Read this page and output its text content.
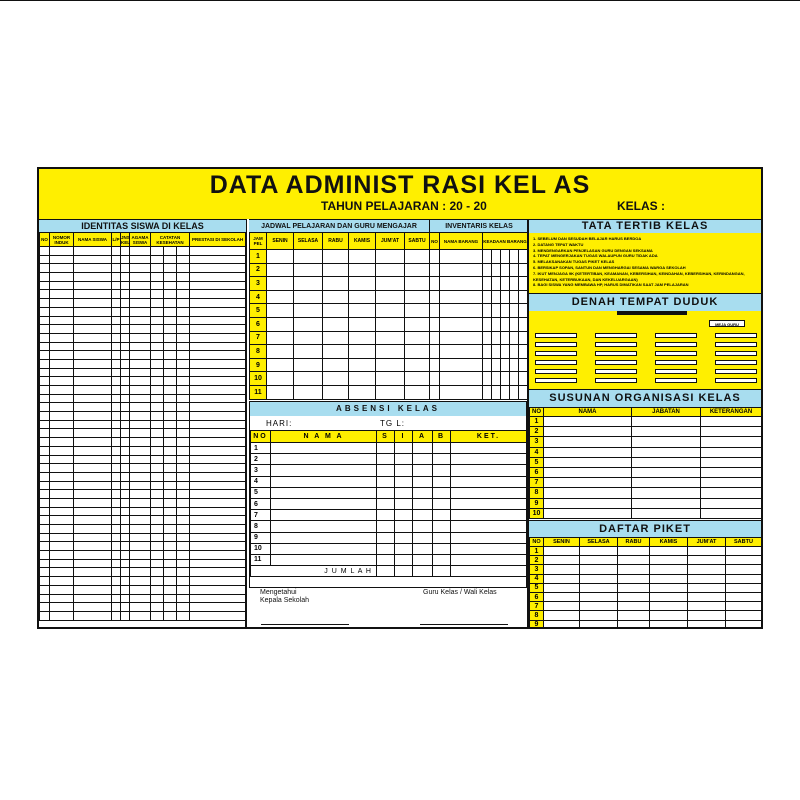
DATA ADMINIST RASI KEL AS
TAHUN PELAJARAN : 20 - 20	KELAS :
IDENTITAS SISWA DI KELAS
NO	NOMOR INDUK	NAMA SISWA	L/P	JNS KEL	AGAMA SISWA	CATATAN KESEHATAN			PRESTASI DI SEKOLAH

JADWAL PELAJARAN DAN GURU MENGAJAR	INVENTARIS KELAS
JAM PEL	SENIN	SELASA	RABU	KAMIS	JUM'AT	SABTU
1						
2						
3						
4						
5						
6						
7						
8						
9						
10						
11						
NO	NAMA BARANG	KEADAAN BARANG				

ABSENSI KELAS
HARI:	TG L:
NO	N A M A	S	I	A	B	KET.
1						
2						
3						
4						
5						
6						
7						
8						
9						
10						
11						
J U M L A H						
Mengetahui
Kepala Sekolah
Guru Kelas / Wali Kelas
TATA TERTIB KELAS
1. SEBELUM DAN SESUDAH BELAJAR HARUS BERDOA
2. DATANG TEPAT WAKTU
3. MENDENGARKAN PENJELASAN GURU DENGAN SEKSAMA
4. TEPAT MENGERJAKAN TUGAS WALAUPUN GURU TIDAK ADA
5. MELAKSANAKAN TUGAS PIKET KELAS
6. BERSIKAP SOPAN, SANTUN DAN MENGHARGAI SESAMA WARGA SEKOLAH
7. IKUT MENJAGA 9K (KETERTIBAN, KEAMANAN, KEBERSIHAN, KEINDAHAN, KEBERSIHAN, KERINDANGAN, KESEHATAN, KETERBUKAAN, DAN KEKELUARGAAN)
8. BAGI SISWA YANG MEMBAWA HP, HARUS DIMATIKAN SAAT JAM PELAJARAN
DENAH TEMPAT DUDUK
MEJA GURU
SUSUNAN ORGANISASI KELAS
NO	NAMA	JABATAN	KETERANGAN
1			
2			
3			
4			
5			
6			
7			
8			
9			
10			
DAFTAR PIKET
NO	SENIN	SELASA	RABU	KAMIS	JUM'AT	SABTU
1						
2						
3						
4						
5						
6						
7						
8						
9						
